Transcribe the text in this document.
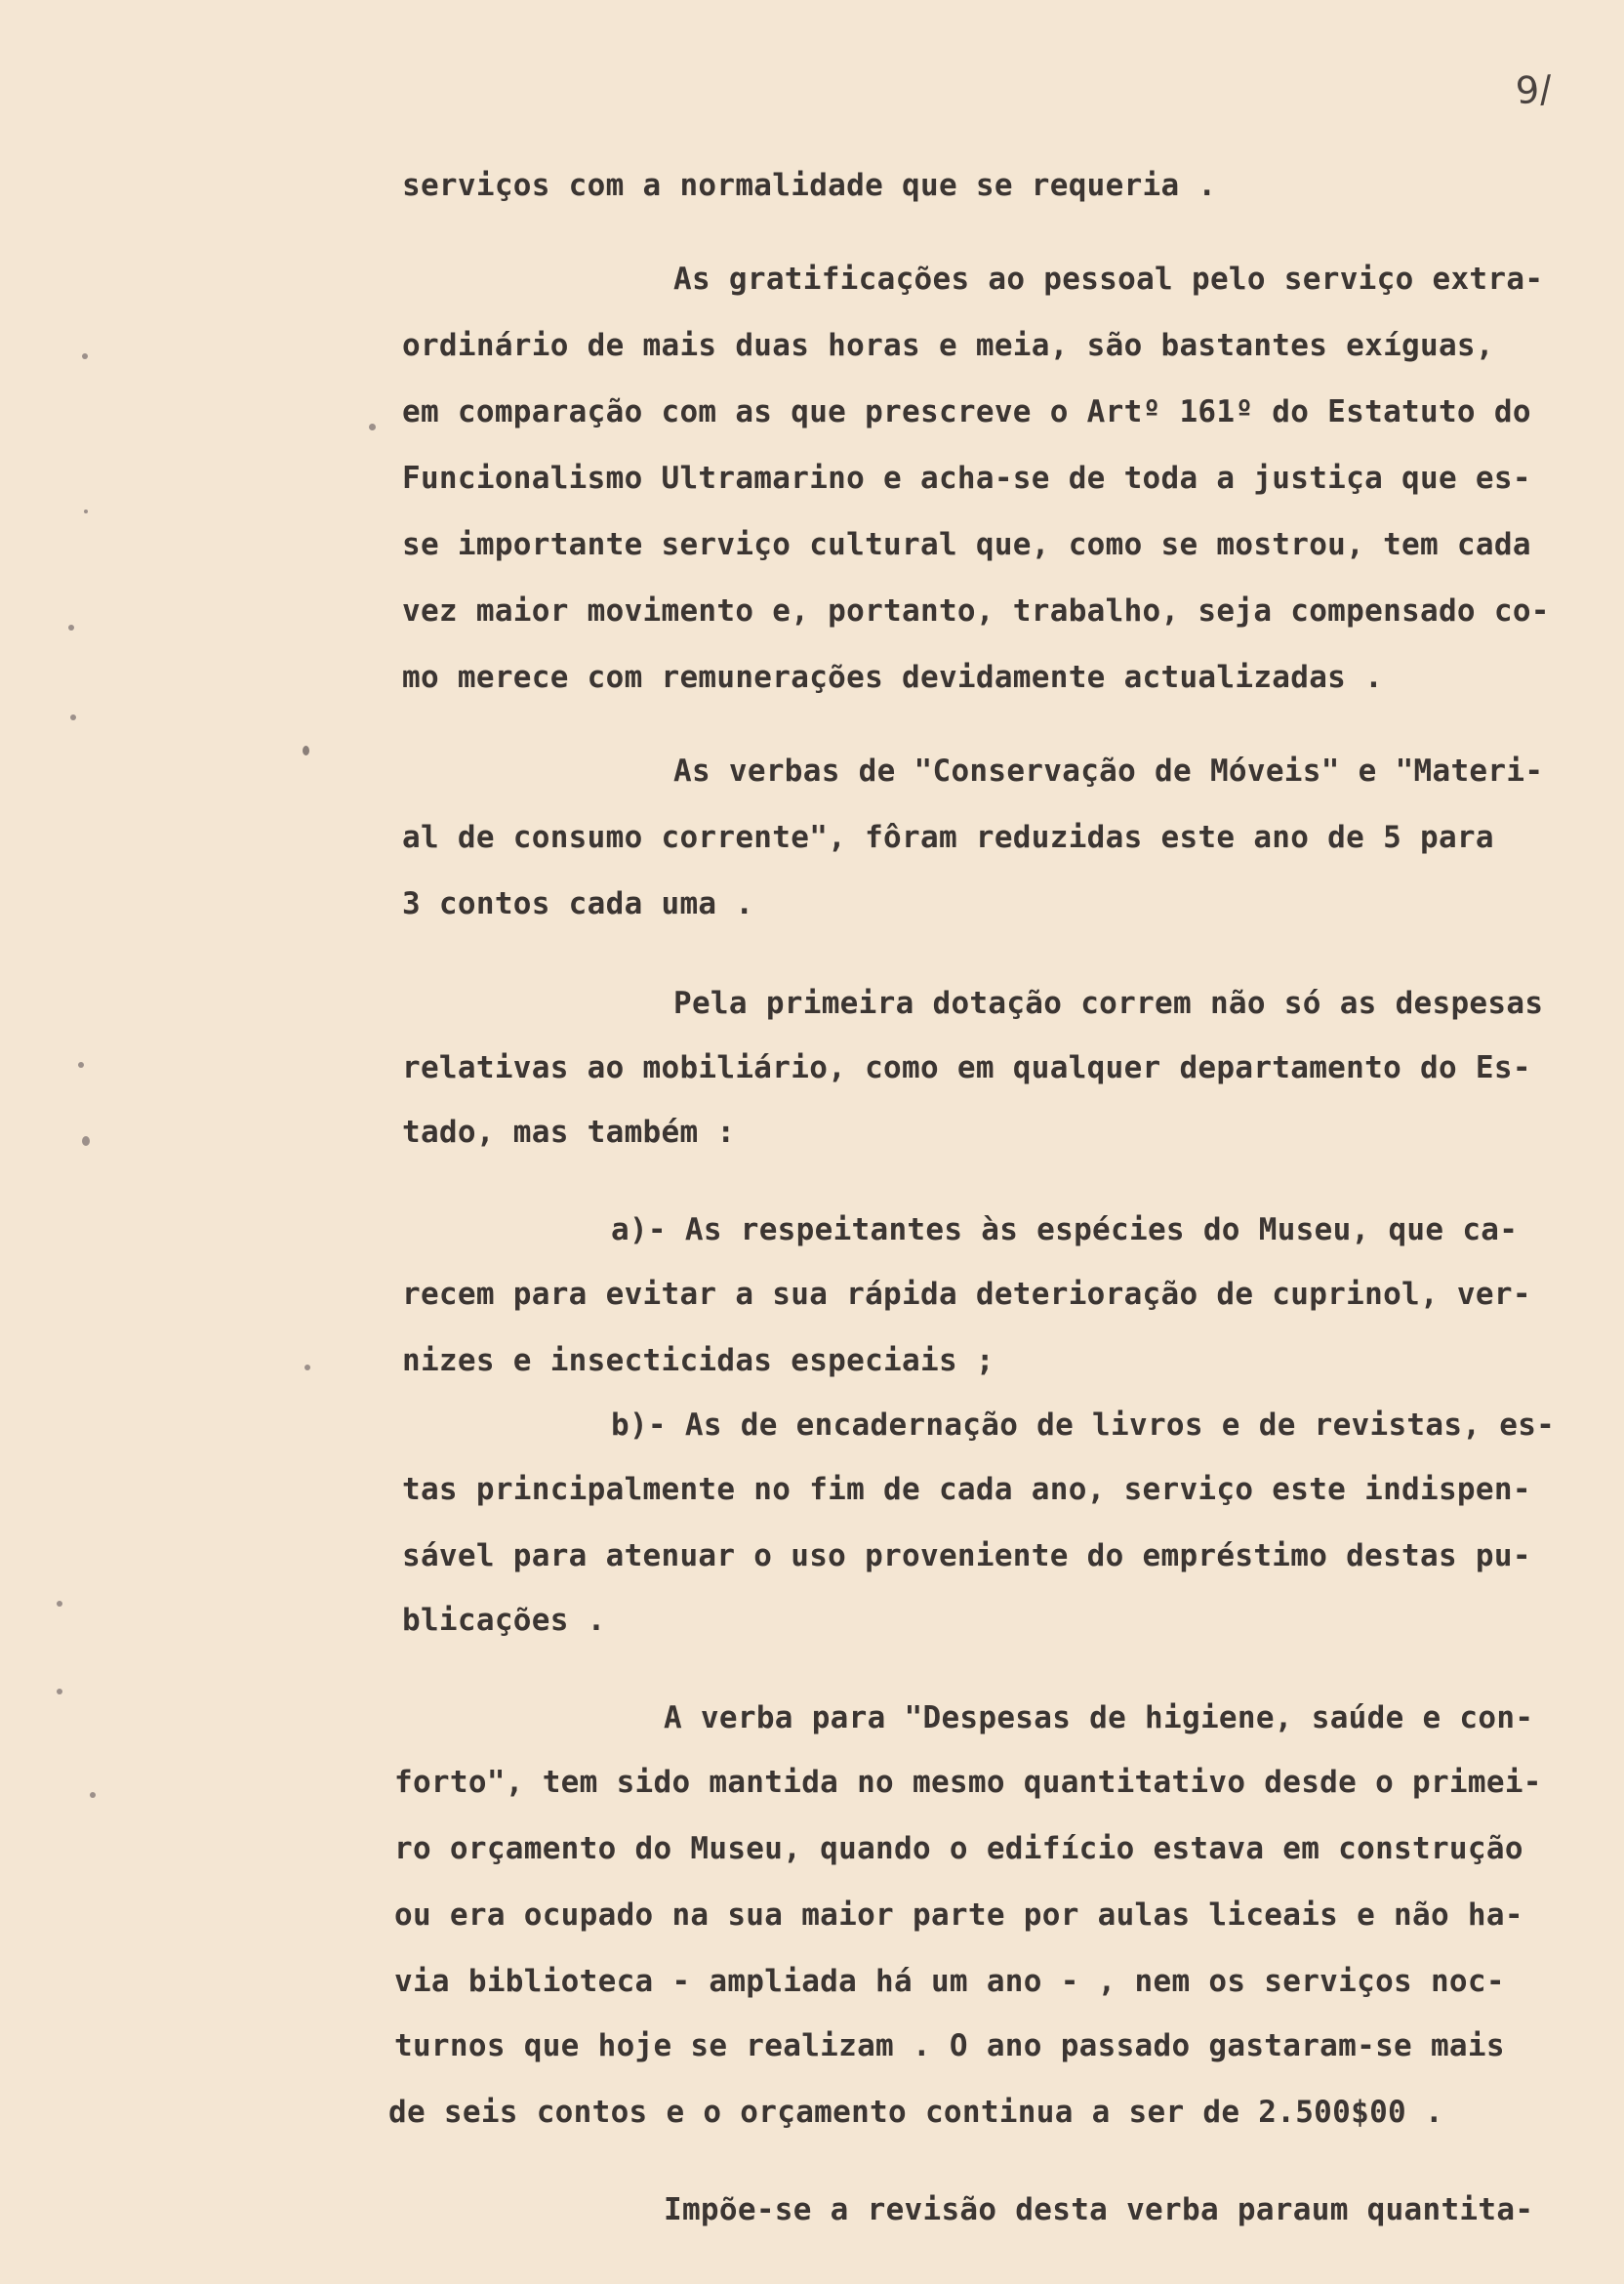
9/
serviços com a normalidade que se requeria .
As gratificações ao pessoal pelo serviço extra-
ordinário de mais duas horas e meia, são bastantes exíguas,
em comparação com as que prescreve o Artº 161º do Estatuto do
Funcionalismo Ultramarino e acha-se de toda a justiça que es-
se importante serviço cultural que, como se mostrou, tem cada
vez maior movimento e, portanto, trabalho, seja compensado co-
mo merece com remunerações devidamente actualizadas .
As verbas de "Conservação de Móveis" e "Materi-
al de consumo corrente", fôram reduzidas este ano de 5 para
3 contos cada uma .
Pela primeira dotação correm não só as despesas
relativas ao mobiliário, como em qualquer departamento do Es-
tado, mas também :
a)- As respeitantes às espécies do Museu, que ca-
recem para evitar a sua rápida deterioração de cuprinol, ver-
nizes e insecticidas especiais ;
b)- As de encadernação de livros e de revistas, es-
tas principalmente no fim de cada ano, serviço este indispen-
sável para atenuar o uso proveniente do empréstimo destas pu-
blicações .
A verba para "Despesas de higiene, saúde e con-
forto", tem sido mantida no mesmo quantitativo desde o primei-
ro orçamento do Museu, quando o edifício estava em construção
ou era ocupado na sua maior parte por aulas liceais e não ha-
via biblioteca - ampliada há um ano - , nem os serviços noc-
turnos que hoje se realizam . O ano passado gastaram-se mais
de seis contos e o orçamento continua a ser de 2.500$00 .
Impõe-se a revisão desta verba paraum quantita-
